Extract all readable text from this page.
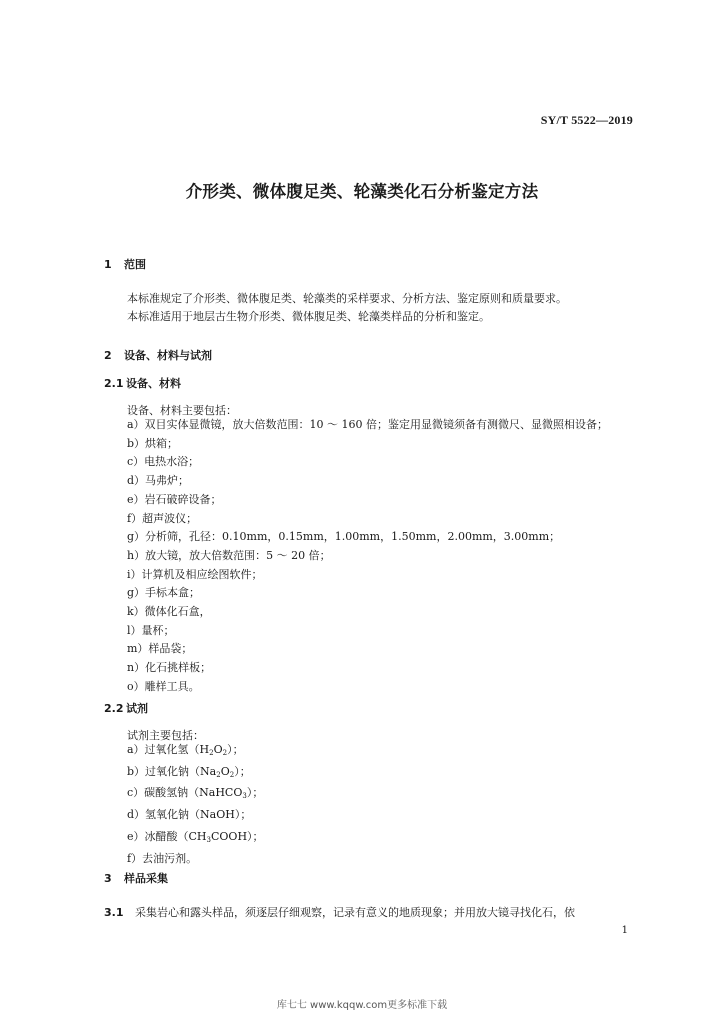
SY/T 5522—2019
介形类、微体腹足类、轮藻类化石分析鉴定方法
1 范围
本标准规定了介形类、微体腹足类、轮藻类的采样要求、分析方法、鉴定原则和质量要求。
本标准适用于地层古生物介形类、微体腹足类、轮藻类样品的分析和鉴定。
2 设备、材料与试剂
2.1 设备、材料
设备、材料主要包括：
a）双目实体显微镜，放大倍数范围：10 ～ 160 倍；鉴定用显微镜须备有测微尺、显微照相设备；
b）烘箱；
c）电热水浴；
d）马弗炉；
e）岩石破碎设备；
f）超声波仪；
g）分析筛，孔径：0.10mm，0.15mm，1.00mm，1.50mm，2.00mm，3.00mm；
h）放大镜，放大倍数范围：5 ～ 20 倍；
i）计算机及相应绘图软件；
g）手标本盒；
k）微体化石盒，
l）量杯；
m）样品袋；
n）化石挑样板；
o）雕样工具。
2.2 试剂
试剂主要包括：
a）过氧化氢$(H_2O_2)$；
b）过氧化钠$(Na_2O_2)$；
c）碳酸氢钠（NaHCO$_3$）；
d）氢氧化钠（NaOH）；
e）冰醋酸$(CH_3COOH)$；
f）去油污剂。
3 样品采集
3.1 采集岩心和露头样品，须逐层仔细观察，记录有意义的地质现象；并用放大镜寻找化石，依
1
库七七 www.kqqw.com更多标准下载
